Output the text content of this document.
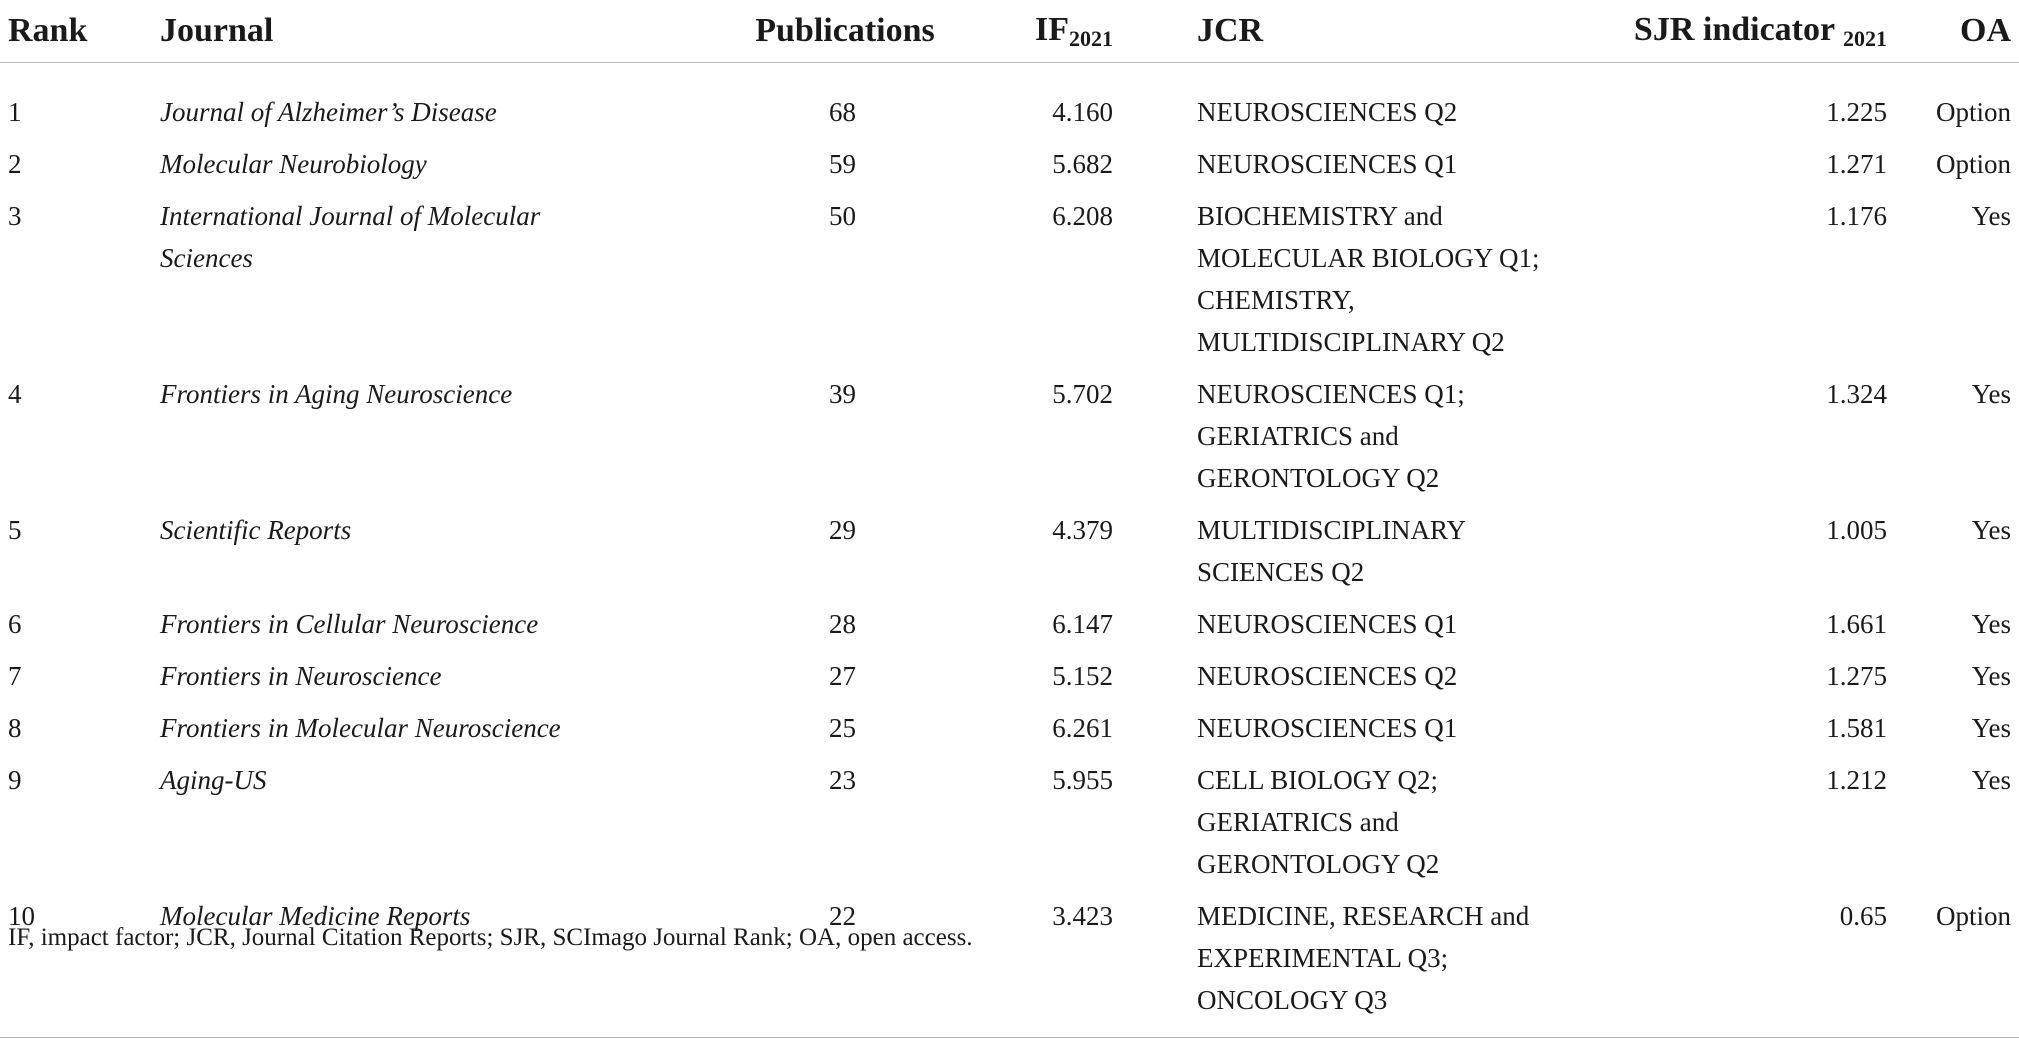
Rank	Journal	Publications	$IF_{2021}$	JCR	SJR indicator $_{2021}$	OA
1	Journal of Alzheimer’s Disease	68	4.160	NEUROSCIENCES Q2	1.225	Option
2	Molecular Neurobiology	59	5.682	NEUROSCIENCES Q1	1.271	Option
3	International Journal of Molecular Sciences	50	6.208	BIOCHEMISTRY and MOLECULAR BIOLOGY Q1; CHEMISTRY, MULTIDISCIPLINARY Q2	1.176	Yes
4	Frontiers in Aging Neuroscience	39	5.702	NEUROSCIENCES Q1; GERIATRICS and GERONTOLOGY Q2	1.324	Yes
5	Scientific Reports	29	4.379	MULTIDISCIPLINARY SCIENCES Q2	1.005	Yes
6	Frontiers in Cellular Neuroscience	28	6.147	NEUROSCIENCES Q1	1.661	Yes
7	Frontiers in Neuroscience	27	5.152	NEUROSCIENCES Q2	1.275	Yes
8	Frontiers in Molecular Neuroscience	25	6.261	NEUROSCIENCES Q1	1.581	Yes
9	Aging-US	23	5.955	CELL BIOLOGY Q2; GERIATRICS and GERONTOLOGY Q2	1.212	Yes
10	Molecular Medicine Reports	22	3.423	MEDICINE, RESEARCH and EXPERIMENTAL Q3; ONCOLOGY Q3	0.65	Option
IF, impact factor; JCR, Journal Citation Reports; SJR, SCImago Journal Rank; OA, open access.
